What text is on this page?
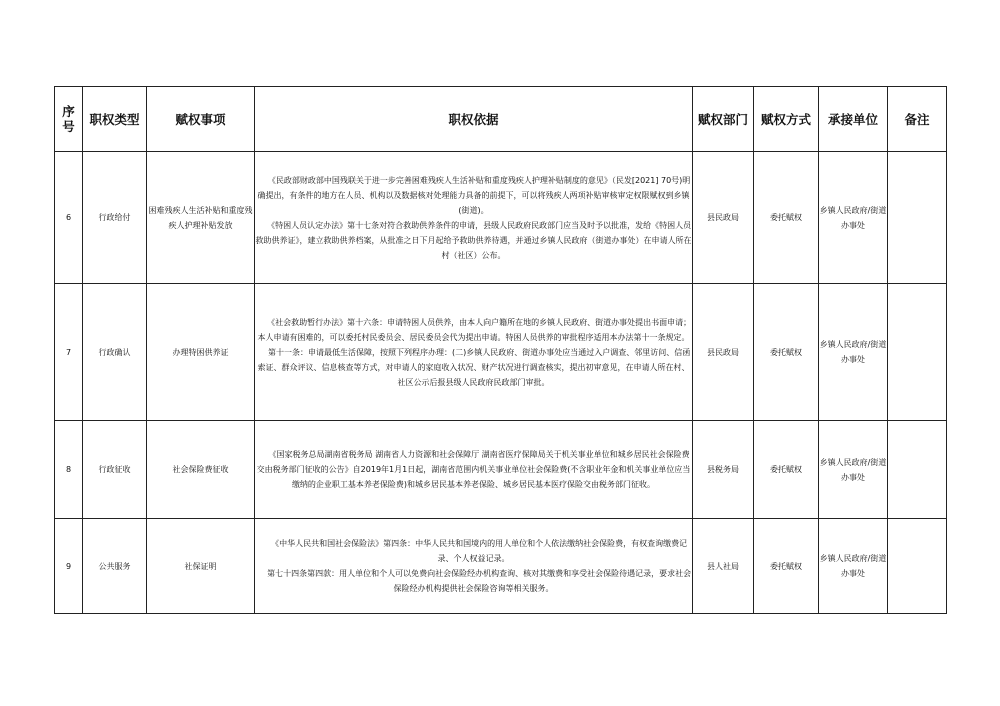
序
号	职权类型	赋权事项	职权依据	赋权部门	赋权方式	承接单位	备注
6	行政给付	困难残疾人生活补贴和重度残疾人护理补贴发放	《民政部财政部中国残联关于进一步完善困难残疾人生活补贴和重度残疾人护理补贴制度的意见》（民发[2021] 70号)明确提出，有条件的地方在人员、机构以及数据核对处理能力具备的前提下，可以将残疾人两项补贴审核审定权限赋权到乡镇(街道)。

《特困人员认定办法》第十七条对符合救助供养条件的申请，县级人民政府民政部门应当及时予以批准，发给《特困人员救助供养证》，建立救助供养档案，从批准之日下月起给予救助供养待遇，并通过乡镇人民政府（街道办事处）在申请人所在村（社区）公布。	县民政局	委托赋权	乡镇人民政府/街道办事处	
7	行政确认	办理特困供养证	《社会救助暂行办法》第十六条：申请特困人员供养，由本人向户籍所在地的乡镇人民政府、街道办事处提出书面申请；本人申请有困难的，可以委托村民委员会、居民委员会代为提出申请。特困人员供养的审批程序适用本办法第十一条规定。

第十一条：申请最低生活保障，按照下列程序办理：(二)乡镇人民政府、街道办事处应当通过入户调查、邻里访问、信函索证、群众评议、信息核查等方式，对申请人的家庭收入状况、财产状况进行调查核实，提出初审意见，在申请人所在村、社区公示后报县级人民政府民政部门审批。	县民政局	委托赋权	乡镇人民政府/街道办事处	
8	行政征收	社会保险费征收	《国家税务总局湖南省税务局 湖南省人力资源和社会保障厅 湖南省医疗保障局关于机关事业单位和城乡居民社会保险费交由税务部门征收的公告》自2019年1月1日起，湖南省范围内机关事业单位社会保险费(不含职业年金和机关事业单位应当缴纳的企业职工基本养老保险费)和城乡居民基本养老保险、城乡居民基本医疗保险交由税务部门征收。	县税务局	委托赋权	乡镇人民政府/街道办事处	
9	公共服务	社保证明	《中华人民共和国社会保险法》第四条：中华人民共和国境内的用人单位和个人依法缴纳社会保险费，有权查询缴费记录、个人权益记录。

第七十四条第四款：用人单位和个人可以免费向社会保险经办机构查询、核对其缴费和享受社会保险待遇记录，要求社会保险经办机构提供社会保险咨询等相关服务。	县人社局	委托赋权	乡镇人民政府/街道办事处	
